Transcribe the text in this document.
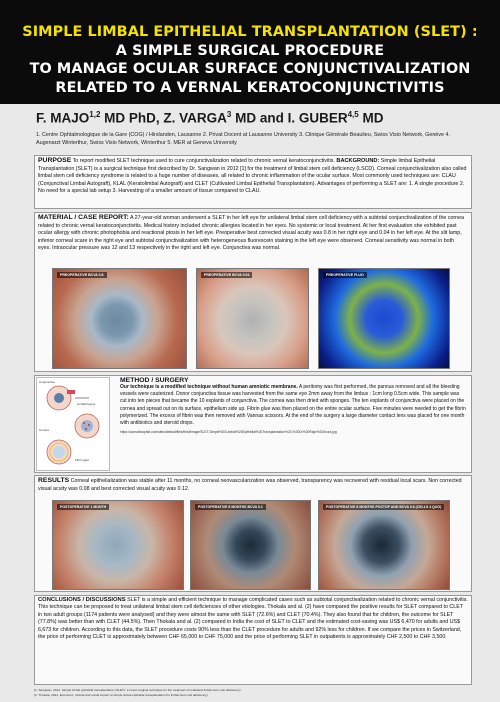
SIMPLE LIMBAL EPITHELIAL TRANSPLANTATION (SLET) :
A SIMPLE SURGICAL PROCEDURE
TO MANAGE OCULAR SURFACE CONJUNCTIVALIZATION
RELATED TO A VERNAL KERATOCONJUNCTIVITIS
F. MAJO$^{1,2}$ MD PhD, Z. VARGA$^3$ MD and I. GUBER$^{4,5}$ MD
1. Centre Ophtalmologique de la Gare (COG) / Hirslanden, Lausanne 2. Privat Docent at Lausanne University 3. Clinique Générale Beaulieu, Swiss Visio Network, Genève 4. Augenarzt Winterthur, Swiss Visio Network, Winterthur 5. MER at Geneva University
PURPOSE To report modified SLET technique used to cure conjunctivalization related to chronic vernal keratoconjunctivitis. BACKGROUND: Simple limbal Epithelial Transplantation (SLET) is a surgical technique first described by Dr. Sangwan in 2012 [1] for the treatment of limbal stem cell deficiency (LSCD). Corneal conjunctivalization also called limbal stem cell deficiency syndrome is related to a huge number of diseases, all related to chronic inflammation of the ocular surface. Most commonly used techniques are: CLAU (Conjunctival Limbal Autograft), KLAL (Keratolimbal Autograft) and CLET (Cultivated Limbal Epithelial Transplantation). Advantages of performing a SLET are: 1. A single procedure 2. No need for a special lab setup 3. Harvesting of a smaller amount of tissue compared to CLAU.
MATERIAL / CASE REPORT: A 27-year-old woman underwent a SLET in her left eye for unilateral limbal stem cell deficiency with a subtotal conjunctivalization of the cornea related to chronic vernal keratoconjunctivitis. Medical history included chronic allergies located in her eyes. No systemic or local treatment. At her first evaluation she exhibited past ocular allergy with chronic photophobia and reactional ptosis in her left eye. Preoperative best corrected visual acuity was 0.8 in her right eye and 0.04 in her left eye. At the slit lamp, inferior corneal scare in the right eye and subtotal conjunctivalization with heterogeneous fluorescein staining in the left eye were observed. Corneal sensitivity was normal in both eyes. Intraocular pressure was 12 and 13 respectively in the right and left eye. Conjunctiva was normal.
PREOPERATIVE BCVA 0.8	PREOPERATIVE BCVA 0.04	PREOPERATIVE FLUO
Conjunctiva
Limbal biopsy
Cornea
Fibrin glue
METHOD / SURGERY
Our technique is a modified technique without human amniotic membrane. A peritomy was first performed, the pannus removed and all the bleeding vessels were cauterized. Donor conjunctiva tissue was harvested from the same eye 2mm away from the limbus : 1cm long 0.5cm wide. This sample was cut into ten pieces that became the 10 explants of conjunctiva. The cornea was then dried with sponges. The ten explants of conjunctiva were placed on the cornea and spread out on its surface, epithelium side up. Fibrin glue was then placed on the entire ocular surface. Five minutes were needed to get the fibrin polymerized. The excess of fibrin was then removed with Vannas scissors. At the end of the surgery a large diameter contact lens was placed for one month with antibiotics and steroid drops.
https://ozmalhospital.com/sites/default/files/field/image/SLET-Simple%20Limbal%20Epithelial%20Transplantation%20-%20Dr%20Rajiv%20Arora.jpg
RESULTS Corneal epithelialization was stable after 11 months, no corneal neovascularization was observed, transparency was recovered with residual local scars. Non corrected visual acuity was 0.08 and best corrected visual acuity was 0.12.
POSTOPERATIVE 1 MONTH	POSTOPERATIVE 8 MONTHS BCVA 0.1	POSTOPERATIVE 8 MONTHS POSTOP AND BCVA 0.6 (CELLS 4 QUO)
CONCLUSIONS / DISCUSSIONS SLET is a simple and efficient technique to manage complicated cases such as subtotal conjunctivalization related to chronic vernal conjunctivitis. This technique can be proposed to treat unilateral limbal stem cell deficiencies of other etiologies. Thokala and al. (2) have compared the positive results for SLET compared to CLET in two adult groups (1174 patients were analysed) and they were almost the same with SLET (72.6%) and CLET (70.4%). They also found that for children, the outcome for SLET (77.8%) was better than with CLET (44.5%). Then Thokala and al. (2) compared in India the cost of SLET to CLET and the estimated cost-saving was US$ 6,470 for adults and US$ 6,673 for children. According to this data, the SLET procedure costs 90% less than the CLET procedure for adults and 92% less for children. If we compare the prices in Switzerland, the price of performing CLET is approximately between CHF 65,000 to CHF 75,000 and the price of performing SLET in outpatients is approximately CHF 2,500 to CHF 3,500.
(1. Sangwan, 2012, Simple limbal epithelial transplantation (SLET): a novel surgical technique for the treatment of unilateral limbal stem cell deficiency)
(2. Thokala, 2021, Economic, clinical and social impact of simple limbal epithelial transplantation for limbal stem cell deficiency)
